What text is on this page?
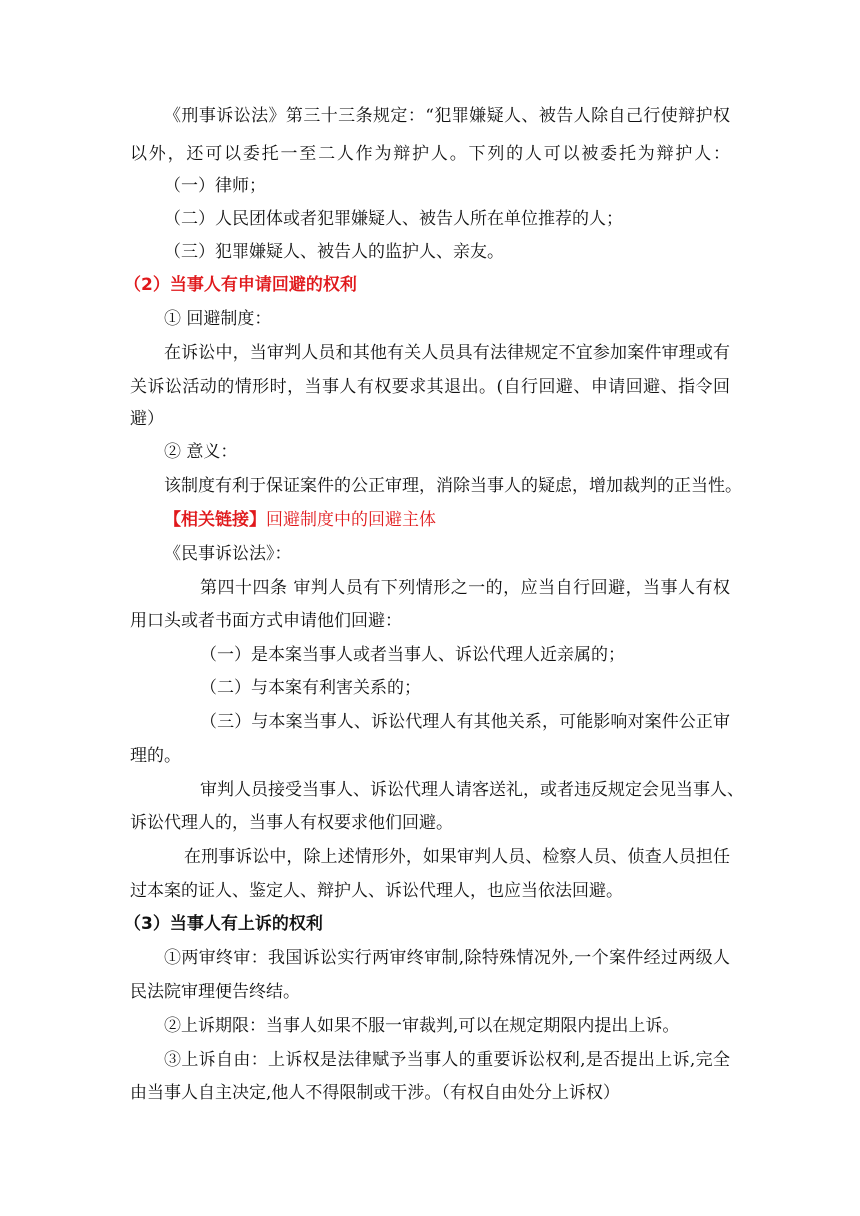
《刑事诉讼法》第三十三条规定：“犯罪嫌疑人、被告人除自己行使辩护权
以外，还可以委托一至二人作为辩护人。下列的人可以被委托为辩护人：
（一）律师；
（二）人民团体或者犯罪嫌疑人、被告人所在单位推荐的人；
（三）犯罪嫌疑人、被告人的监护人、亲友。
（2）当事人有申请回避的权利
① 回避制度：
在诉讼中，当审判人员和其他有关人员具有法律规定不宜参加案件审理或有
关诉讼活动的情形时，当事人有权要求其退出。(自行回避、申请回避、指令回
避）
② 意义：
该制度有利于保证案件的公正审理，消除当事人的疑虑，增加裁判的正当性。
【相关链接】回避制度中的回避主体
《民事诉讼法》：
第四十四条 审判人员有下列情形之一的，应当自行回避，当事人有权
用口头或者书面方式申请他们回避：
（一）是本案当事人或者当事人、诉讼代理人近亲属的；
（二）与本案有利害关系的；
（三）与本案当事人、诉讼代理人有其他关系，可能影响对案件公正审
理的。
审判人员接受当事人、诉讼代理人请客送礼，或者违反规定会见当事人、
诉讼代理人的，当事人有权要求他们回避。
在刑事诉讼中，除上述情形外，如果审判人员、检察人员、侦查人员担任
过本案的证人、鉴定人、辩护人、诉讼代理人，也应当依法回避。
（3）当事人有上诉的权利
①两审终审：我国诉讼实行两审终审制,除特殊情况外,一个案件经过两级人
民法院审理便告终结。
②上诉期限：当事人如果不服一审裁判,可以在规定期限内提出上诉。
③上诉自由：上诉权是法律赋予当事人的重要诉讼权利,是否提出上诉,完全
由当事人自主决定,他人不得限制或干涉。（有权自由处分上诉权）
